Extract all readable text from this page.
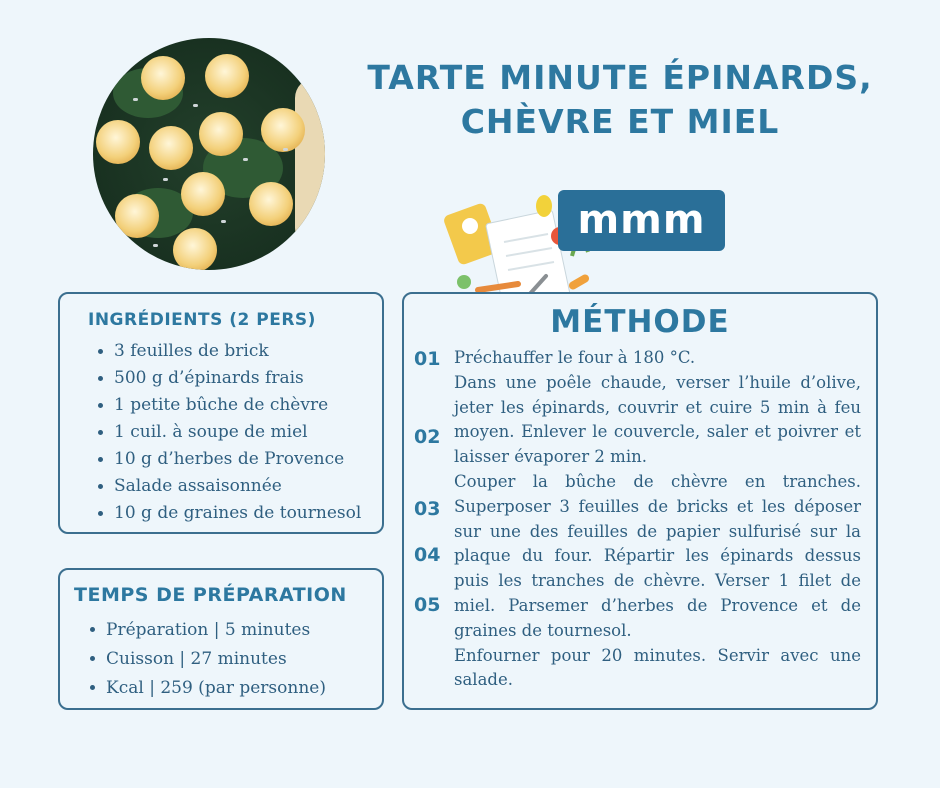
TARTE MINUTE ÉPINARDS, CHÈVRE ET MIEL
mmm
INGRÉDIENTS (2 PERS)
3 feuilles de brick
500 g d’épinards frais
1 petite bûche de chèvre
1 cuil. à soupe de miel
10 g d’herbes de Provence
Salade assaisonnée
10 g de graines de tournesol
TEMPS DE PRÉPARATION
Préparation | 5 minutes
Cuisson | 27 minutes
Kcal | 259 (par personne)
MÉTHODE
01
02
03
04
05

Préchauffer le four à 180 °C.

Dans une poêle chaude, verser l’huile d’olive, jeter les épinards, couvrir et cuire 5 min à feu moyen. Enlever le couvercle, saler et poivrer et laisser évaporer 2 min.

Couper la bûche de chèvre en tranches. Superposer 3 feuilles de bricks et les déposer sur une des feuilles de papier sulfurisé sur la plaque du four. Répartir les épinards dessus puis les tranches de chèvre. Verser 1 filet de miel. Parsemer d’herbes de Provence et de graines de tournesol.

Enfourner pour 20 minutes. Servir avec une salade.
